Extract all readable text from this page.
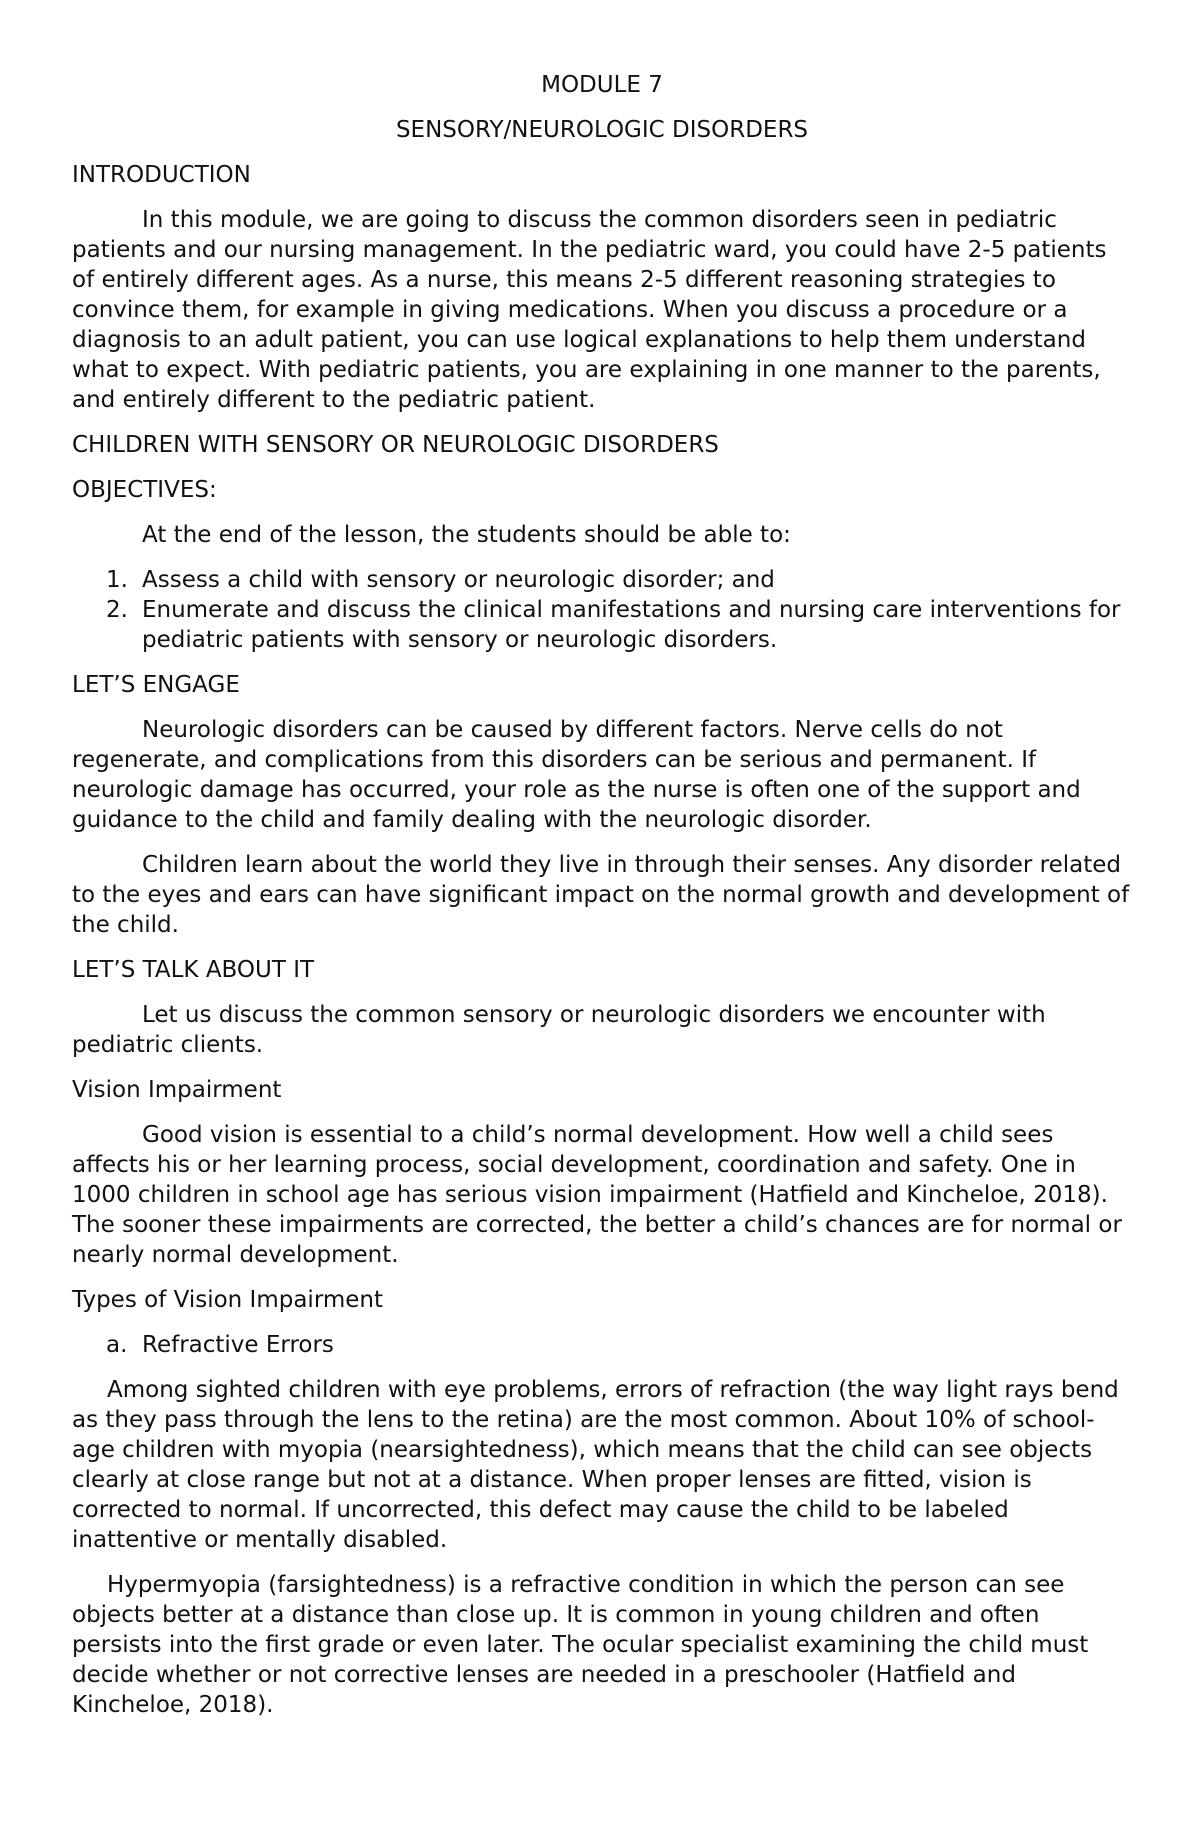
MODULE 7

SENSORY/NEUROLOGIC DISORDERS

INTRODUCTION

In this module, we are going to discuss the common disorders seen in pediatric patients and our nursing management. In the pediatric ward, you could have 2-5 patients of entirely different ages. As a nurse, this means 2-5 different reasoning strategies to convince them, for example in giving medications. When you discuss a procedure or a diagnosis to an adult patient, you can use logical explanations to help them understand what to expect. With pediatric patients, you are explaining in one manner to the parents, and entirely different to the pediatric patient.

CHILDREN WITH SENSORY OR NEUROLOGIC DISORDERS

OBJECTIVES:

At the end of the lesson, the students should be able to:

1. Assess a child with sensory or neurologic disorder; and
2. Enumerate and discuss the clinical manifestations and nursing care interventions for pediatric patients with sensory or neurologic disorders.

LET’S ENGAGE

Neurologic disorders can be caused by different factors. Nerve cells do not regenerate, and complications from this disorders can be serious and permanent. If neurologic damage has occurred, your role as the nurse is often one of the support and guidance to the child and family dealing with the neurologic disorder.

Children learn about the world they live in through their senses. Any disorder related to the eyes and ears can have significant impact on the normal growth and development of the child.

LET’S TALK ABOUT IT

Let us discuss the common sensory or neurologic disorders we encounter with pediatric clients.

Vision Impairment

Good vision is essential to a child’s normal development. How well a child sees affects his or her learning process, social development, coordination and safety. One in 1000 children in school age has serious vision impairment (Hatfield and Kincheloe, 2018). The sooner these impairments are corrected, the better a child’s chances are for normal or nearly normal development.

Types of Vision Impairment

a. Refractive Errors

Among sighted children with eye problems, errors of refraction (the way light rays bend as they pass through the lens to the retina) are the most common. About 10% of school-age children with myopia (nearsightedness), which means that the child can see objects clearly at close range but not at a distance. When proper lenses are fitted, vision is corrected to normal. If uncorrected, this defect may cause the child to be labeled inattentive or mentally disabled.

Hypermyopia (farsightedness) is a refractive condition in which the person can see objects better at a distance than close up. It is common in young children and often persists into the first grade or even later. The ocular specialist examining the child must decide whether or not corrective lenses are needed in a preschooler (Hatfield and Kincheloe, 2018).
